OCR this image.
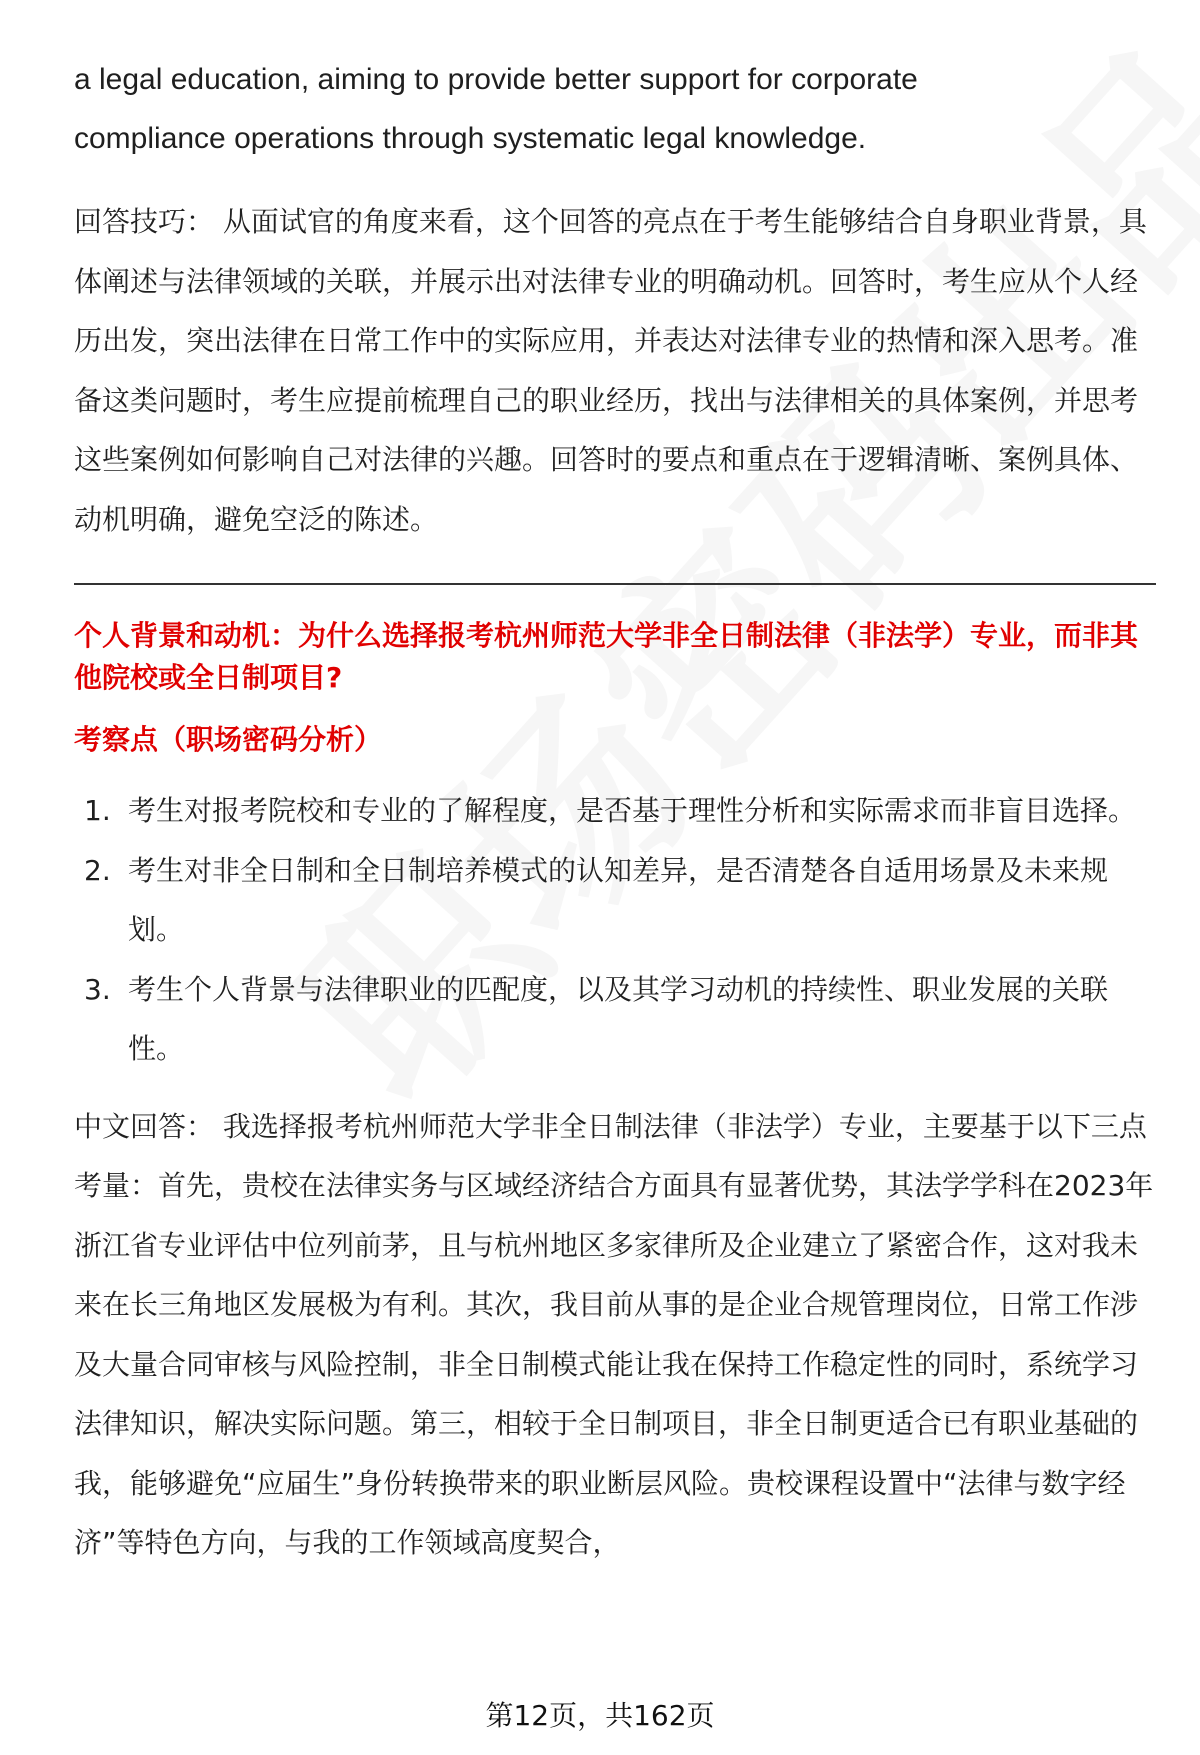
a legal education, aiming to provide better support for corporate compliance operations through systematic legal knowledge.

回答技巧： 从面试官的角度来看，这个回答的亮点在于考生能够结合自身职业背景，具体阐述与法律领域的关联，并展示出对法律专业的明确动机。回答时，考生应从个人经历出发，突出法律在日常工作中的实际应用，并表达对法律专业的热情和深入思考。准备这类问题时，考生应提前梳理自己的职业经历，找出与法律相关的具体案例，并思考这些案例如何影响自己对法律的兴趣。回答时的要点和重点在于逻辑清晰、案例具体、动机明确，避免空泛的陈述。

个人背景和动机：为什么选择报考杭州师范大学非全日制法律（非法学）专业，而非其他院校或全日制项目?
考察点（职场密码分析）
1. 考生对报考院校和专业的了解程度，是否基于理性分析和实际需求而非盲目选择。
2. 考生对非全日制和全日制培养模式的认知差异，是否清楚各自适用场景及未来规划。
3. 考生个人背景与法律职业的匹配度，以及其学习动机的持续性、职业发展的关联性。

中文回答： 我选择报考杭州师范大学非全日制法律（非法学）专业，主要基于以下三点考量：首先，贵校在法律实务与区域经济结合方面具有显著优势，其法学学科在2023年浙江省专业评估中位列前茅，且与杭州地区多家律所及企业建立了紧密合作，这对我未来在长三角地区发展极为有利。其次，我目前从事的是企业合规管理岗位，日常工作涉及大量合同审核与风险控制，非全日制模式能让我在保持工作稳定性的同时，系统学习法律知识，解决实际问题。第三，相较于全日制项目，非全日制更适合已有职业基础的我，能够避免“应届生”身份转换带来的职业断层风险。贵校课程设置中“法律与数字经济”等特色方向，与我的工作领域高度契合，

第12页，共162页
